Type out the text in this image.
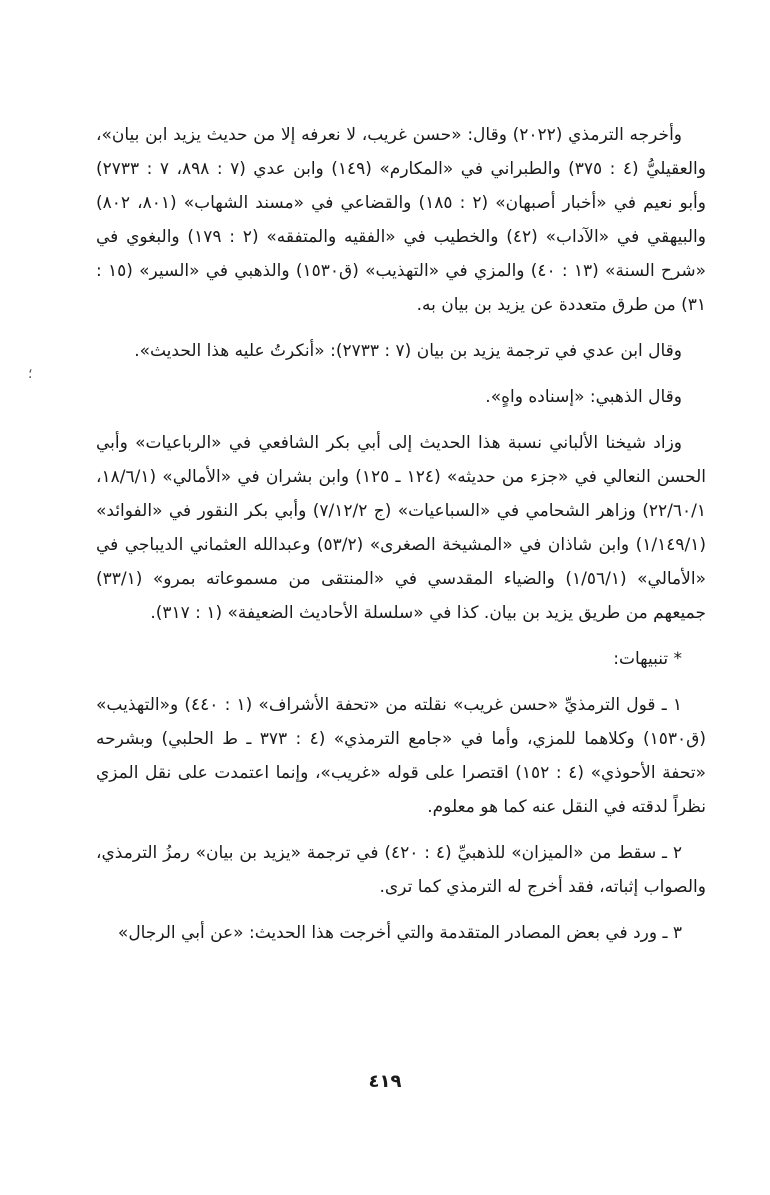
؛

وأخرجه الترمذي (٢٠٢٢) وقال: «حسن غريب، لا نعرفه إلا من حديث يزيد ابن بيان»، والعقيليُّ (٤ : ٣٧٥) والطبراني في «المكارم» (١٤٩) وابن عدي (٧ : ٨٩٨، ٧ : ٢٧٣٣) وأبو نعيم في «أخبار أصبهان» (٢ : ١٨٥) والقضاعي في «مسند الشهاب» (٨٠١، ٨٠٢) والبيهقي في «الآداب» (٤٢) والخطيب في «الفقيه والمتفقه» (٢ : ١٧٩) والبغوي في «شرح السنة» (١٣ : ٤٠) والمزي في «التهذيب» (ق١٥٣٠) والذهبي في «السير» (١٥ : ٣١) من طرق متعددة عن يزيد بن بيان به.

وقال ابن عدي في ترجمة يزيد بن بيان (٧ : ٢٧٣٣): «أنكرتُ عليه هذا الحديث».

وقال الذهبي: «إسناده واهٍ».

وزاد شيخنا الألباني نسبة هذا الحديث إلى أبي بكر الشافعي في «الرباعيات» وأبي الحسن النعالي في «جزء من حديثه» (١٢٤ ـ ١٢٥) وابن بشران في «الأمالي» (١٨/٦/١، ٢٢/٦٠/١) وزاهر الشحامي في «السباعيات» (ج ٧/١٢/٢) وأبي بكر النقور في «الفوائد» (١/١٤٩/١) وابن شاذان في «المشيخة الصغرى» (٥٣/٢) وعبدالله العثماني الديباجي في «الأمالي» (١/٥٦/١) والضياء المقدسي في «المنتقى من مسموعاته بمرو» (٣٣/١) جميعهم من طريق يزيد بن بيان. كذا في «سلسلة الأحاديث الضعيفة» (١ : ٣١٧).

* تنبيهات:

١ ـ قول الترمذيِّ «حسن غريب» نقلته من «تحفة الأشراف» (١ : ٤٤٠) و«التهذيب» (ق١٥٣٠) وكلاهما للمزي، وأما في «جامع الترمذي» (٤ : ٣٧٣ ـ ط الحلبي) وبشرحه «تحفة الأحوذي» (٤ : ١٥٢) اقتصرا على قوله «غريب»، وإنما اعتمدت على نقل المزي نظراً لدقته في النقل عنه كما هو معلوم.

٢ ـ سقط من «الميزان» للذهبيِّ (٤ : ٤٢٠) في ترجمة «يزيد بن بيان» رمزُ الترمذي، والصواب إثباته، فقد أخرج له الترمذي كما ترى.

٣ ـ ورد في بعض المصادر المتقدمة والتي أخرجت هذا الحديث: «عن أبي الرجال»

٤١٩
